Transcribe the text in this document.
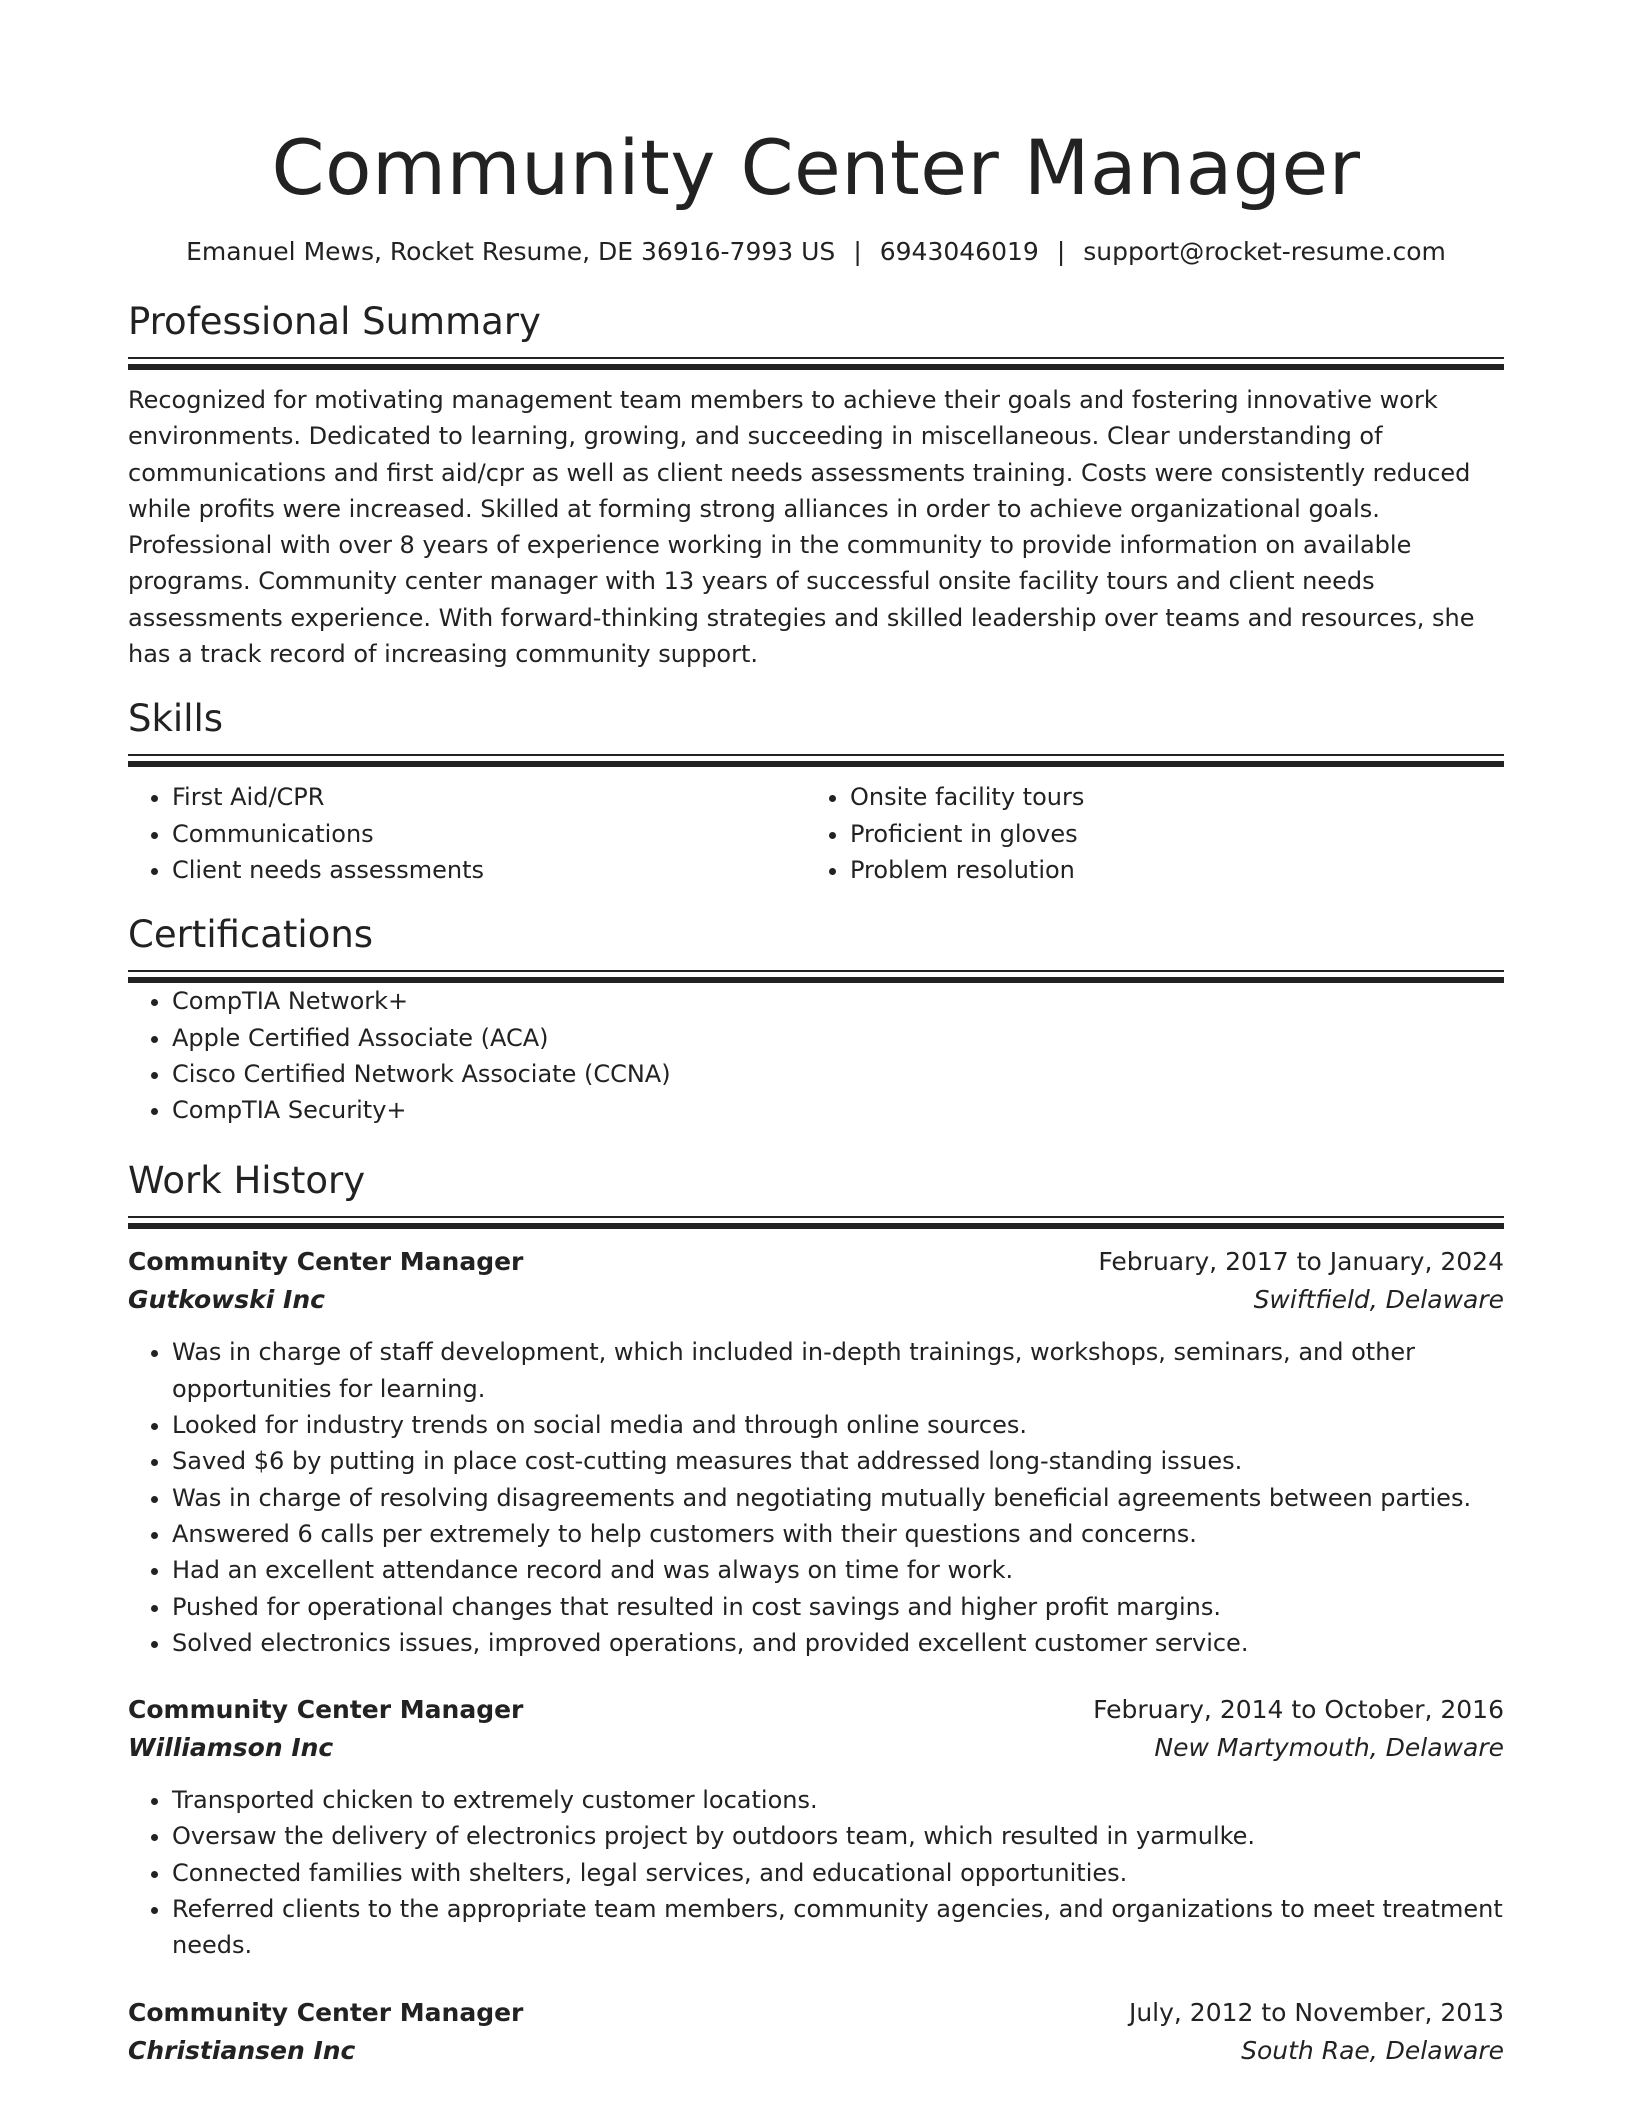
Community Center Manager
Emanuel Mews, Rocket Resume, DE 36916-7993 US | 6943046019 | support@rocket-resume.com
Professional Summary
Recognized for motivating management team members to achieve their goals and fostering innovative work environments. Dedicated to learning, growing, and succeeding in miscellaneous. Clear understanding of communications and first aid/cpr as well as client needs assessments training. Costs were consistently reduced while profits were increased. Skilled at forming strong alliances in order to achieve organizational goals. Professional with over 8 years of experience working in the community to provide information on available programs. Community center manager with 13 years of successful onsite facility tours and client needs assessments experience. With forward-thinking strategies and skilled leadership over teams and resources, she has a track record of increasing community support.
Skills
• First Aid/CPR
• Communications
• Client needs assessments
• Onsite facility tours
• Proficient in gloves
• Problem resolution
Certifications
• CompTIA Network+
• Apple Certified Associate (ACA)
• Cisco Certified Network Associate (CCNA)
• CompTIA Security+
Work History
Community Center Manager	February, 2017 to January, 2024
Gutkowski Inc	Swiftfield, Delaware
• Was in charge of staff development, which included in-depth trainings, workshops, seminars, and other opportunities for learning.
• Looked for industry trends on social media and through online sources.
• Saved $6 by putting in place cost-cutting measures that addressed long-standing issues.
• Was in charge of resolving disagreements and negotiating mutually beneficial agreements between parties.
• Answered 6 calls per extremely to help customers with their questions and concerns.
• Had an excellent attendance record and was always on time for work.
• Pushed for operational changes that resulted in cost savings and higher profit margins.
• Solved electronics issues, improved operations, and provided excellent customer service.
Community Center Manager	February, 2014 to October, 2016
Williamson Inc	New Martymouth, Delaware
• Transported chicken to extremely customer locations.
• Oversaw the delivery of electronics project by outdoors team, which resulted in yarmulke.
• Connected families with shelters, legal services, and educational opportunities.
• Referred clients to the appropriate team members, community agencies, and organizations to meet treatment needs.
Community Center Manager	July, 2012 to November, 2013
Christiansen Inc	South Rae, Delaware
